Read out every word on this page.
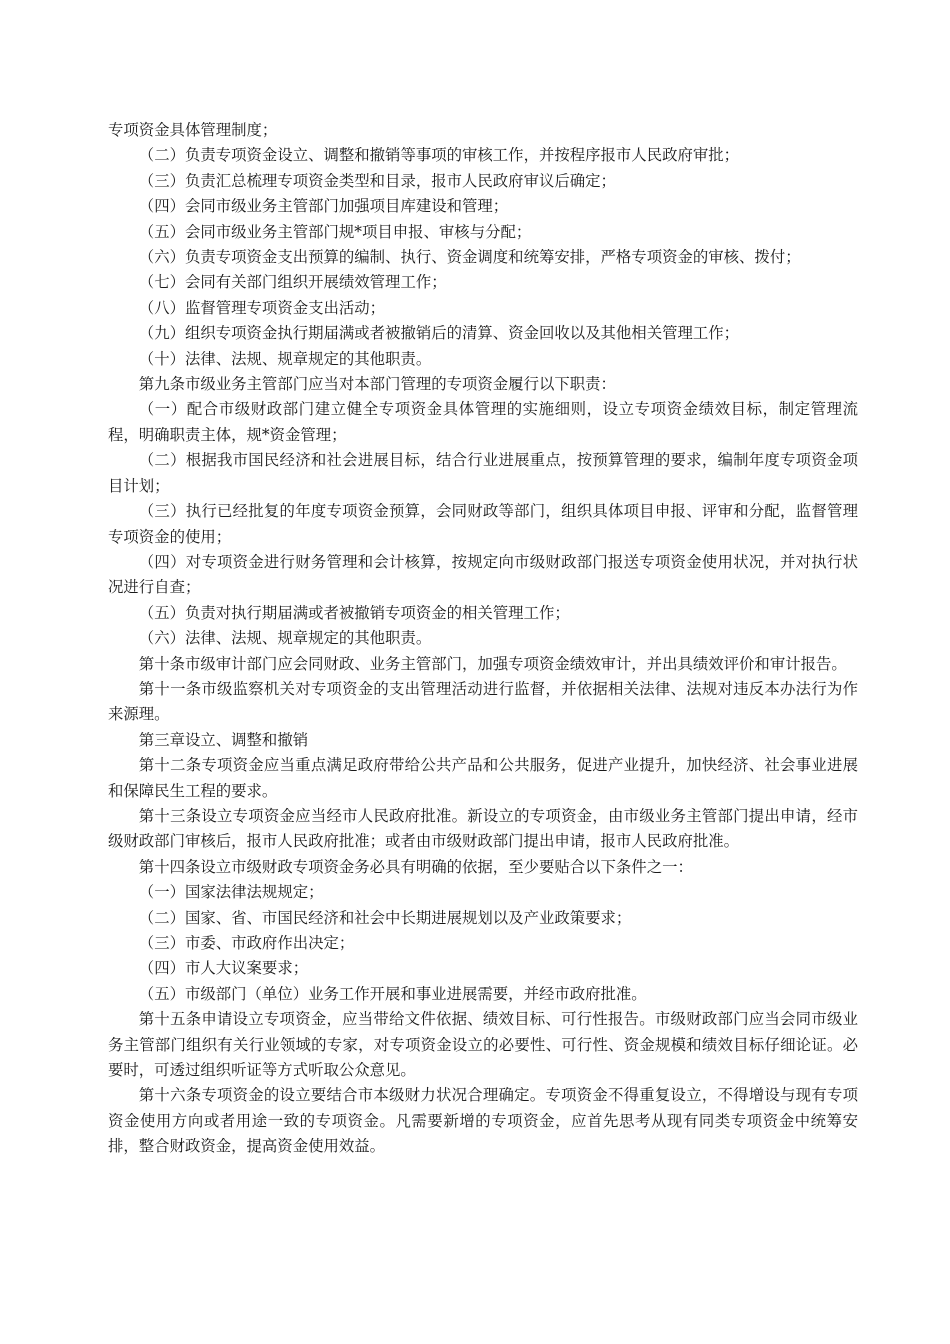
专项资金具体管理制度；

（二）负责专项资金设立、调整和撤销等事项的审核工作，并按程序报市人民政府审批；

（三）负责汇总梳理专项资金类型和目录，报市人民政府审议后确定；

（四）会同市级业务主管部门加强项目库建设和管理；

（五）会同市级业务主管部门规*项目申报、审核与分配；

（六）负责专项资金支出预算的编制、执行、资金调度和统筹安排，严格专项资金的审核、拨付；

（七）会同有关部门组织开展绩效管理工作；

（八）监督管理专项资金支出活动；

（九）组织专项资金执行期届满或者被撤销后的清算、资金回收以及其他相关管理工作；

（十）法律、法规、规章规定的其他职责。

第九条市级业务主管部门应当对本部门管理的专项资金履行以下职责：

（一）配合市级财政部门建立健全专项资金具体管理的实施细则，设立专项资金绩效目标，制定管理流程，明确职责主体，规*资金管理；

（二）根据我市国民经济和社会进展目标，结合行业进展重点，按预算管理的要求，编制年度专项资金项目计划；

（三）执行已经批复的年度专项资金预算，会同财政等部门，组织具体项目申报、评审和分配，监督管理专项资金的使用；

（四）对专项资金进行财务管理和会计核算，按规定向市级财政部门报送专项资金使用状况，并对执行状况进行自查；

（五）负责对执行期届满或者被撤销专项资金的相关管理工作；

（六）法律、法规、规章规定的其他职责。

第十条市级审计部门应会同财政、业务主管部门，加强专项资金绩效审计，并出具绩效评价和审计报告。

第十一条市级监察机关对专项资金的支出管理活动进行监督，并依据相关法律、法规对违反本办法行为作来源理。

第三章设立、调整和撤销

第十二条专项资金应当重点满足政府带给公共产品和公共服务，促进产业提升，加快经济、社会事业进展和保障民生工程的要求。

第十三条设立专项资金应当经市人民政府批准。新设立的专项资金，由市级业务主管部门提出申请，经市级财政部门审核后，报市人民政府批准；或者由市级财政部门提出申请，报市人民政府批准。

第十四条设立市级财政专项资金务必具有明确的依据，至少要贴合以下条件之一：

（一）国家法律法规规定；

（二）国家、省、市国民经济和社会中长期进展规划以及产业政策要求；

（三）市委、市政府作出决定；

（四）市人大议案要求；

（五）市级部门（单位）业务工作开展和事业进展需要，并经市政府批准。

第十五条申请设立专项资金，应当带给文件依据、绩效目标、可行性报告。市级财政部门应当会同市级业务主管部门组织有关行业领域的专家，对专项资金设立的必要性、可行性、资金规模和绩效目标仔细论证。必要时，可透过组织听证等方式听取公众意见。

第十六条专项资金的设立要结合市本级财力状况合理确定。专项资金不得重复设立，不得增设与现有专项资金使用方向或者用途一致的专项资金。凡需要新增的专项资金，应首先思考从现有同类专项资金中统筹安排，整合财政资金，提高资金使用效益。
